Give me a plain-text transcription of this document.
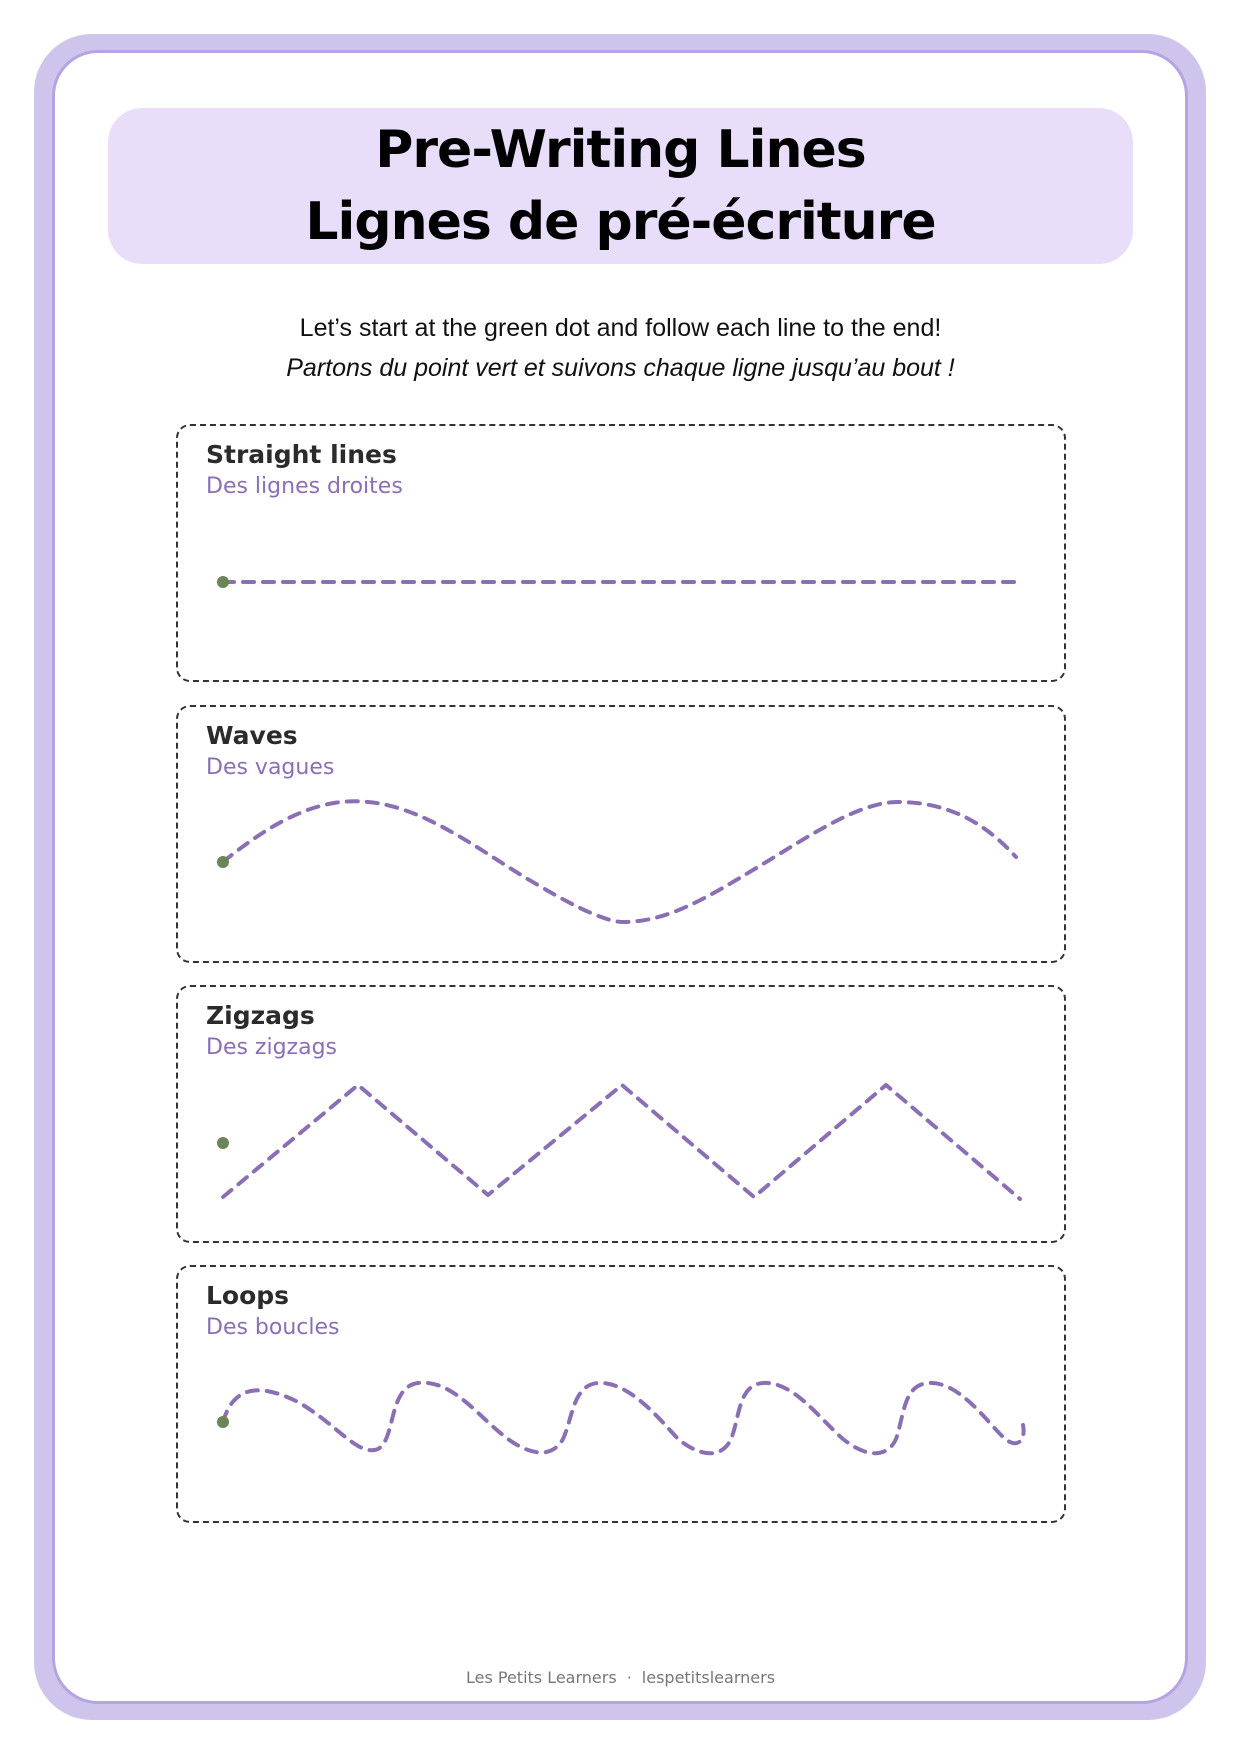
Pre-Writing Lines
Lignes de pré-écriture
Let’s start at the green dot and follow each line to the end!
Partons du point vert et suivons chaque ligne jusqu’au bout !
Straight lines
Des lignes droites
Waves
Des vagues
Zigzags
Des zigzags
Loops
Des boucles
Les Petits Learners · lespetitslearners
